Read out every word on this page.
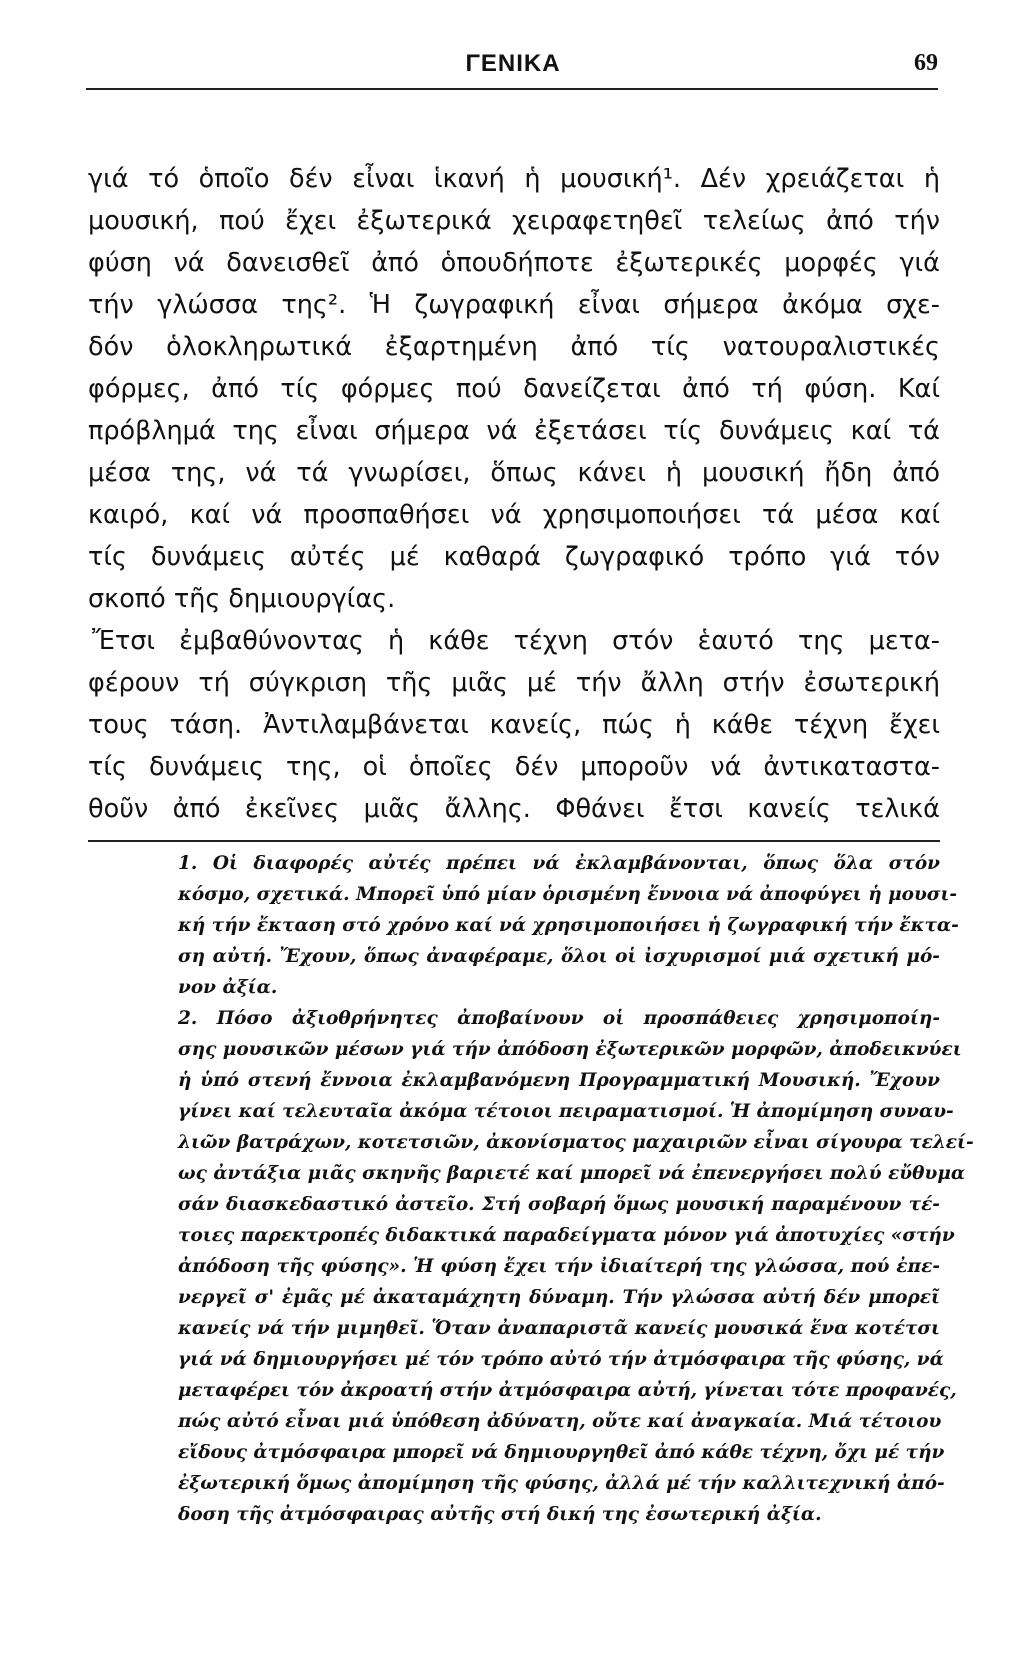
ΓΕΝΙΚΑ	69
γιά τό ὁποῖο δέν εἶναι ἱκανή ἡ μουσική¹. Δέν χρειάζεται ἡ
μουσική, πού ἔχει ἐξωτερικά χειραφετηθεῖ τελείως ἀπό τήν
φύση νά δανεισθεῖ ἀπό ὁπουδήποτε ἐξωτερικές μορφές γιά
τήν γλώσσα της². Ἡ ζωγραφική εἶναι σήμερα ἀκόμα σχε-
δόν ὁλοκληρωτικά ἐξαρτημένη ἀπό τίς νατουραλιστικές
φόρμες, ἀπό τίς φόρμες πού δανείζεται ἀπό τή φύση. Καί
πρόβλημά της εἶναι σήμερα νά ἐξετάσει τίς δυνάμεις καί τά
μέσα της, νά τά γνωρίσει, ὅπως κάνει ἡ μουσική ἤδη ἀπό
καιρό, καί νά προσπαθήσει νά χρησιμοποιήσει τά μέσα καί
τίς δυνάμεις αὐτές μέ καθαρά ζωγραφικό τρόπο γιά τόν
σκοπό τῆς δημιουργίας.
Ἔτσι ἐμβαθύνοντας ἡ κάθε τέχνη στόν ἑαυτό της μετα-
φέρουν τή σύγκριση τῆς μιᾶς μέ τήν ἄλλη στήν ἐσωτερική
τους τάση. Ἀντιλαμβάνεται κανείς, πώς ἡ κάθε τέχνη ἔχει
τίς δυνάμεις της, οἱ ὁποῖες δέν μποροῦν νά ἀντικαταστα-
θοῦν ἀπό ἐκεῖνες μιᾶς ἄλλης. Φθάνει ἔτσι κανείς τελικά
1. Οἱ διαφορές αὐτές πρέπει νά ἐκλαμβάνονται, ὅπως ὅλα στόν
κόσμο, σχετικά. Μπορεῖ ὑπό μίαν ὁρισμένη ἔννοια νά ἀποφύγει ἡ μουσι-
κή τήν ἔκταση στό χρόνο καί νά χρησιμοποιήσει ἡ ζωγραφική τήν ἔκτα-
ση αὐτή. Ἔχουν, ὅπως ἀναφέραμε, ὅλοι οἱ ἰσχυρισμοί μιά σχετική μό-
νον ἀξία.
2. Πόσο ἀξιοθρήνητες ἀποβαίνουν οἱ προσπάθειες χρησιμοποίη-
σης μουσικῶν μέσων γιά τήν ἀπόδοση ἐξωτερικῶν μορφῶν, ἀποδεικνύει
ἡ ὑπό στενή ἔννοια ἐκλαμβανόμενη Προγραμματική Μουσική. Ἔχουν
γίνει καί τελευταῖα ἀκόμα τέτοιοι πειραματισμοί. Ἡ ἀπομίμηση συναυ-
λιῶν βατράχων, κοτετσιῶν, ἀκονίσματος μαχαιριῶν εἶναι σίγουρα τελεί-
ως ἀντάξια μιᾶς σκηνῆς βαριετέ καί μπορεῖ νά ἐπενεργήσει πολύ εὔθυμα
σάν διασκεδαστικό ἀστεῖο. Στή σοβαρή ὅμως μουσική παραμένουν τέ-
τοιες παρεκτροπές διδακτικά παραδείγματα μόνον γιά ἀποτυχίες «στήν
ἀπόδοση τῆς φύσης». Ἡ φύση ἔχει τήν ἰδιαίτερή της γλώσσα, πού ἐπε-
νεργεῖ σ' ἐμᾶς μέ ἀκαταμάχητη δύναμη. Τήν γλώσσα αὐτή δέν μπορεῖ
κανείς νά τήν μιμηθεῖ. Ὅταν ἀναπαριστᾶ κανείς μουσικά ἕνα κοτέτσι
γιά νά δημιουργήσει μέ τόν τρόπο αὐτό τήν ἀτμόσφαιρα τῆς φύσης, νά
μεταφέρει τόν ἀκροατή στήν ἀτμόσφαιρα αὐτή, γίνεται τότε προφανές,
πώς αὐτό εἶναι μιά ὑπόθεση ἀδύνατη, οὔτε καί ἀναγκαία. Μιά τέτοιου
εἴδους ἀτμόσφαιρα μπορεῖ νά δημιουργηθεῖ ἀπό κάθε τέχνη, ὄχι μέ τήν
ἐξωτερική ὅμως ἀπομίμηση τῆς φύσης, ἀλλά μέ τήν καλλιτεχνική ἀπό-
δοση τῆς ἀτμόσφαιρας αὐτῆς στή δική της ἐσωτερική ἀξία.
